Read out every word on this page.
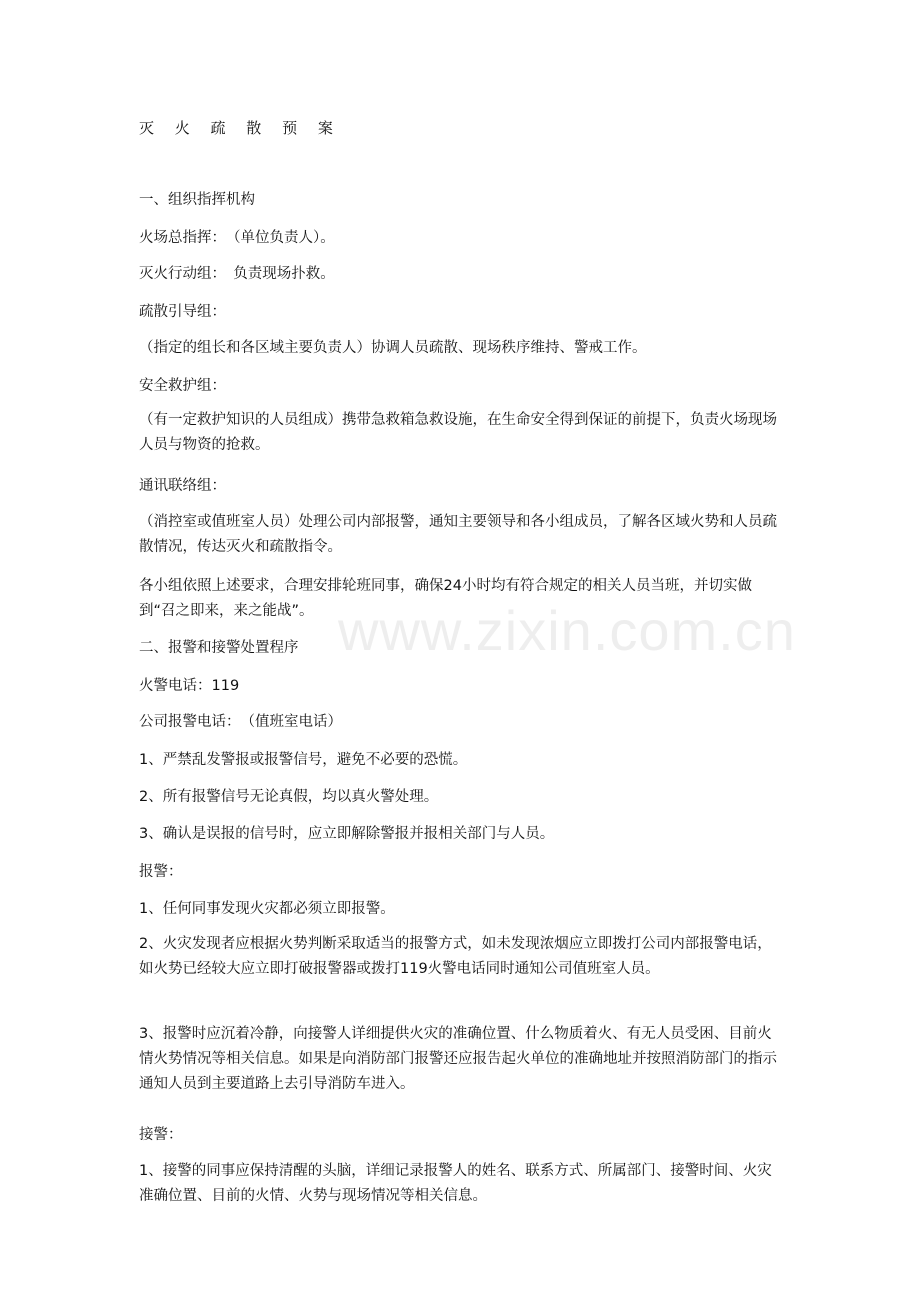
灭 火 疏 散 预 案
一、组织指挥机构
火场总指挥：　（单位负责人）。
灭火行动组：　负责现场扑救。
疏散引导组：
（指定的组长和各区域主要负责人）协调人员疏散、现场秩序维持、警戒工作。
安全救护组：
（有一定救护知识的人员组成）携带急救箱急救设施，在生命安全得到保证的前提下，负责火场现场人员与物资的抢救。
通讯联络组：
（消控室或值班室人员）处理公司内部报警，通知主要领导和各小组成员，了解各区域火势和人员疏散情况，传达灭火和疏散指令。
各小组依照上述要求，合理安排轮班同事，确保24小时均有符合规定的相关人员当班，并切实做到“召之即来，来之能战”。
二、报警和接警处置程序
火警电话：119
公司报警电话：　（值班室电话）
1、严禁乱发警报或报警信号，避免不必要的恐慌。
2、所有报警信号无论真假，均以真火警处理。
3、确认是误报的信号时，应立即解除警报并报相关部门与人员。
报警：
1、任何同事发现火灾都必须立即报警。
2、火灾发现者应根据火势判断采取适当的报警方式，如未发现浓烟应立即拨打公司内部报警电话，如火势已经较大应立即打破报警器或拨打119火警电话同时通知公司值班室人员。
3、报警时应沉着冷静，向接警人详细提供火灾的准确位置、什么物质着火、有无人员受困、目前火情火势情况等相关信息。如果是向消防部门报警还应报告起火单位的准确地址并按照消防部门的指示通知人员到主要道路上去引导消防车进入。
接警：
1、接警的同事应保持清醒的头脑，详细记录报警人的姓名、联系方式、所属部门、接警时间、火灾准确位置、目前的火情、火势与现场情况等相关信息。
www.zixin.com.cn
